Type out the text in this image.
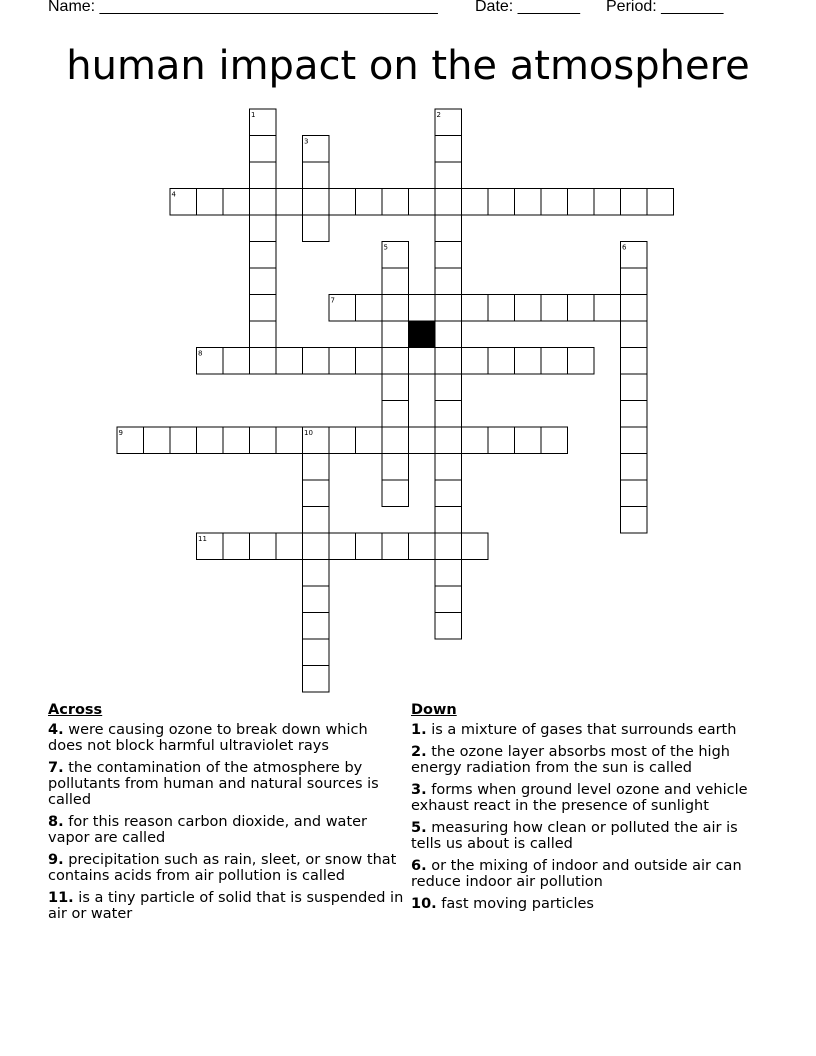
Name: ______________________________________ Date: _______ Period: _______
human impact on the atmosphere
1	2
3
4
5	6
7
8
9	10
11
Across
4. were causing ozone to break down which does not block harmful ultraviolet rays
7. the contamination of the atmosphere by pollutants from human and natural sources is called
8. for this reason carbon dioxide, and water vapor are called
9. precipitation such as rain, sleet, or snow that contains acids from air pollution is called
11. is a tiny particle of solid that is suspended in air or water
Down
1. is a mixture of gases that surrounds earth
2. the ozone layer absorbs most of the high energy radiation from the sun is called
3. forms when ground level ozone and vehicle exhaust react in the presence of sunlight
5. measuring how clean or polluted the air is tells us about is called
6. or the mixing of indoor and outside air can reduce indoor air pollution
10. fast moving particles
